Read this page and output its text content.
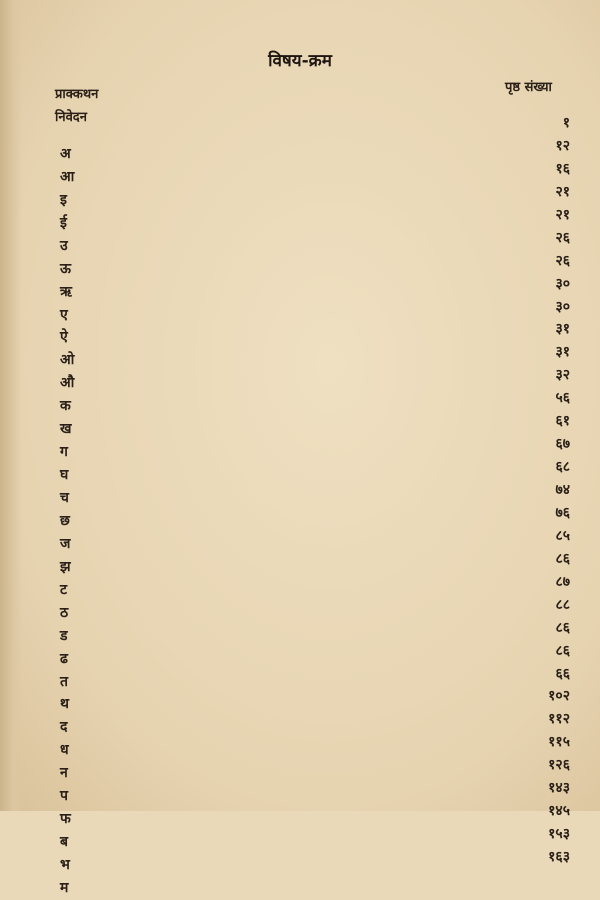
विषय-क्रम
प्राक्कथन	पृष्ठ संख्या
निवेदन
अ
आ
इ
ई
उ
ऊ
ऋ
ए
ऐ
ओ
औ
क
ख
ग
घ
च
छ
ज
झ
ट
ठ
ड
ढ
त
थ
द
ध
न
प
फ
ब
भ
म
१
१२
१६
२१
२१
२६
२६
३०
३०
३१
३१
३२
५६
६१
६७
६८
७४
७६
८५
८६
८७
८८
८६
८६
६६
१०२
११२
११५
१२६
१४३
१४५
१५३
१६३
